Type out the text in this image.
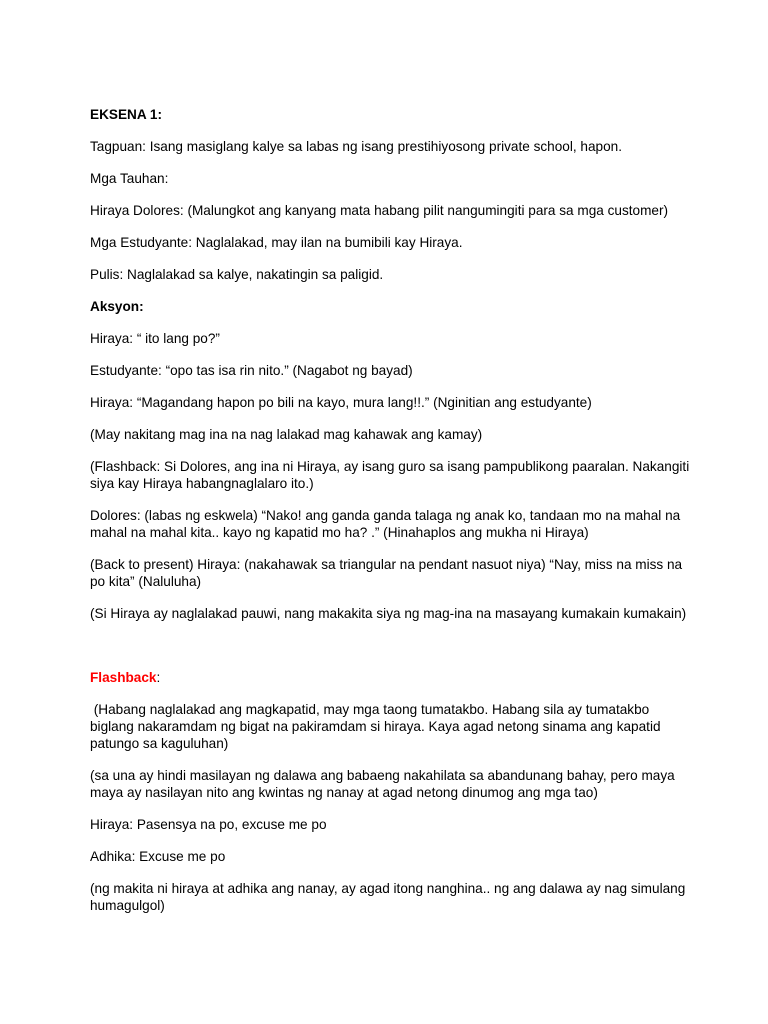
EKSENA 1:

Tagpuan: Isang masiglang kalye sa labas ng isang prestihiyosong private school, hapon.

Mga Tauhan:

Hiraya Dolores: (Malungkot ang kanyang mata habang pilit nangumingiti para sa mga customer)

Mga Estudyante: Naglalakad, may ilan na bumibili kay Hiraya.

Pulis: Naglalakad sa kalye, nakatingin sa paligid.

Aksyon:

Hiraya: “ ito lang po?”

Estudyante: “opo tas isa rin nito.” (Nagabot ng bayad)

Hiraya: “Magandang hapon po bili na kayo, mura lang!!.” (Nginitian ang estudyante)

(May nakitang mag ina na nag lalakad mag kahawak ang kamay)

(Flashback: Si Dolores, ang ina ni Hiraya, ay isang guro sa isang pampublikong paaralan. Nakangiti siya kay Hiraya habangnaglalaro ito.)

Dolores: (labas ng eskwela) “Nako! ang ganda ganda talaga ng anak ko, tandaan mo na mahal na mahal na mahal kita.. kayo ng kapatid mo ha? .” (Hinahaplos ang mukha ni Hiraya)

(Back to present) Hiraya: (nakahawak sa triangular na pendant nasuot niya) “Nay, miss na miss na po kita” (Naluluha)

(Si Hiraya ay naglalakad pauwi, nang makakita siya ng mag-ina na masayang kumakain kumakain)

Flashback:

(Habang naglalakad ang magkapatid, may mga taong tumatakbo. Habang sila ay tumatakbo biglang nakaramdam ng bigat na pakiramdam si hiraya. Kaya agad netong sinama ang kapatid patungo sa kaguluhan)

(sa una ay hindi masilayan ng dalawa ang babaeng nakahilata sa abandunang bahay, pero maya maya ay nasilayan nito ang kwintas ng nanay at agad netong dinumog ang mga tao)

Hiraya: Pasensya na po, excuse me po

Adhika: Excuse me po

(ng makita ni hiraya at adhika ang nanay, ay agad itong nanghina.. ng ang dalawa ay nag simulang humagulgol)
